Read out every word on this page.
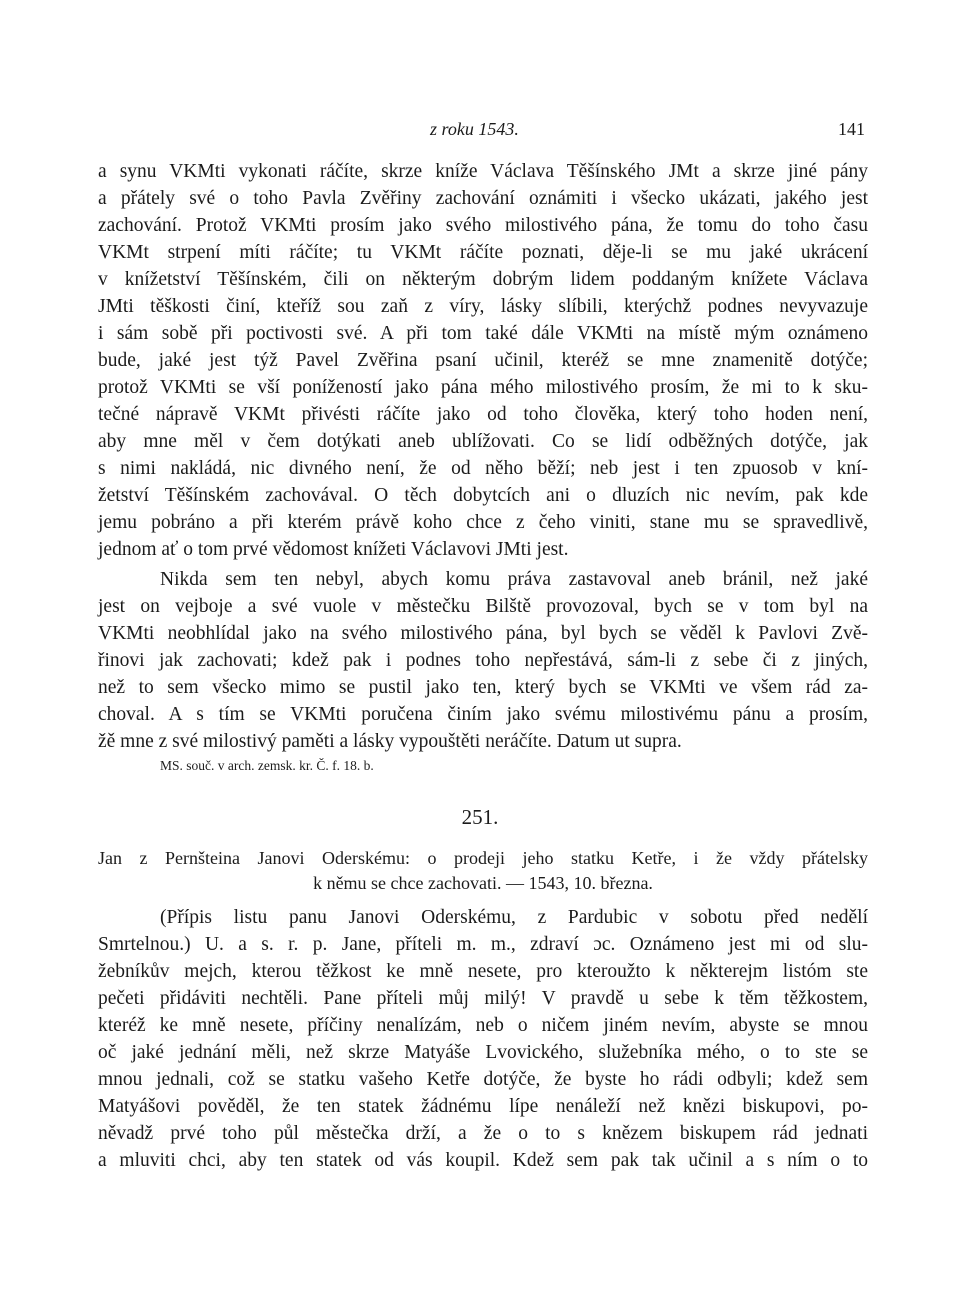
z roku 1543.	141
a synu VKMti vykonati ráčíte, skrze kníže Václava Těšínského JMt a skrze jiné pány
a přátely své o toho Pavla Zvěřiny zachování oznámiti i všecko ukázati, jakého jest
zachování. Protož VKMti prosím jako svého milostivého pána, že tomu do toho času
VKMt strpení míti ráčíte; tu VKMt ráčíte poznati, děje-li se mu jaké ukrácení
v knížetství Těšínském, čili on některým dobrým lidem poddaným knížete Václava
JMti těškosti činí, kteříž sou zaň z víry, lásky slíbili, kterýchž podnes nevyvazuje
i sám sobě při poctivosti své. A při tom také dále VKMti na místě mým oznámeno
bude, jaké jest týž Pavel Zvěřina psaní učinil, kteréž se mne znamenitě dotýče;
protož VKMti se vší ponížeností jako pána mého milostivého prosím, že mi to k sku-
tečné nápravě VKMt přivésti ráčíte jako od toho člověka, který toho hoden není,
aby mne měl v čem dotýkati aneb ublížovati. Co se lidí odběžných dotýče, jak
s nimi nakládá, nic divného není, že od něho běží; neb jest i ten zpuosob v kní-
žetství Těšínském zachovával. O těch dobytcích ani o dluzích nic nevím, pak kde
jemu pobráno a při kterém právě koho chce z čeho viniti, stane mu se spravedlivě,
jednom ať o tom prvé vědomost knížeti Václavovi JMti jest.
Nikda sem ten nebyl, abych komu práva zastavoval aneb bránil, než jaké
jest on vejboje a své vuole v městečku Bilště provozoval, bych se v tom byl na
VKMti neobhlídal jako na svého milostivého pána, byl bych se věděl k Pavlovi Zvě-
řinovi jak zachovati; kdež pak i podnes toho nepřestává, sám-li z sebe či z jiných,
než to sem všecko mimo se pustil jako ten, který bych se VKMti ve všem rád za-
choval. A s tím se VKMti poručena činím jako svému milostivému pánu a prosím,
žě mne z své milostivý paměti a lásky vypouštěti neráčíte. Datum ut supra.
MS. souč. v arch. zemsk. kr. Č. f. 18. b.
251.
Jan z Pernšteina Janovi Oderskému: o prodeji jeho statku Ketře, i že vždy přátelsky
k němu se chce zachovati. — 1543, 10. března.
(Přípis listu panu Janovi Oderskému, z Pardubic v sobotu před nedělí
Smrtelnou.) U. a s. r. p. Jane, příteli m. m., zdraví ɔc. Oznámeno jest mi od slu-
žebníkův mejch, kterou těžkost ke mně nesete, pro kteroužto k některejm listóm ste
pečeti přidáviti nechtěli. Pane příteli můj milý! V pravdě u sebe k těm těžkostem,
kteréž ke mně nesete, příčiny nenalízám, neb o ničem jiném nevím, abyste se mnou
oč jaké jednání měli, než skrze Matyáše Lvovického, služebníka mého, o to ste se
mnou jednali, což se statku vašeho Ketře dotýče, že byste ho rádi odbyli; kdež sem
Matyášovi pověděl, že ten statek žádnému lípe nenáleží než knězi biskupovi, po-
něvadž prvé toho půl městečka drží, a že o to s knězem biskupem rád jednati
a mluviti chci, aby ten statek od vás koupil. Kdež sem pak tak učinil a s ním o to
